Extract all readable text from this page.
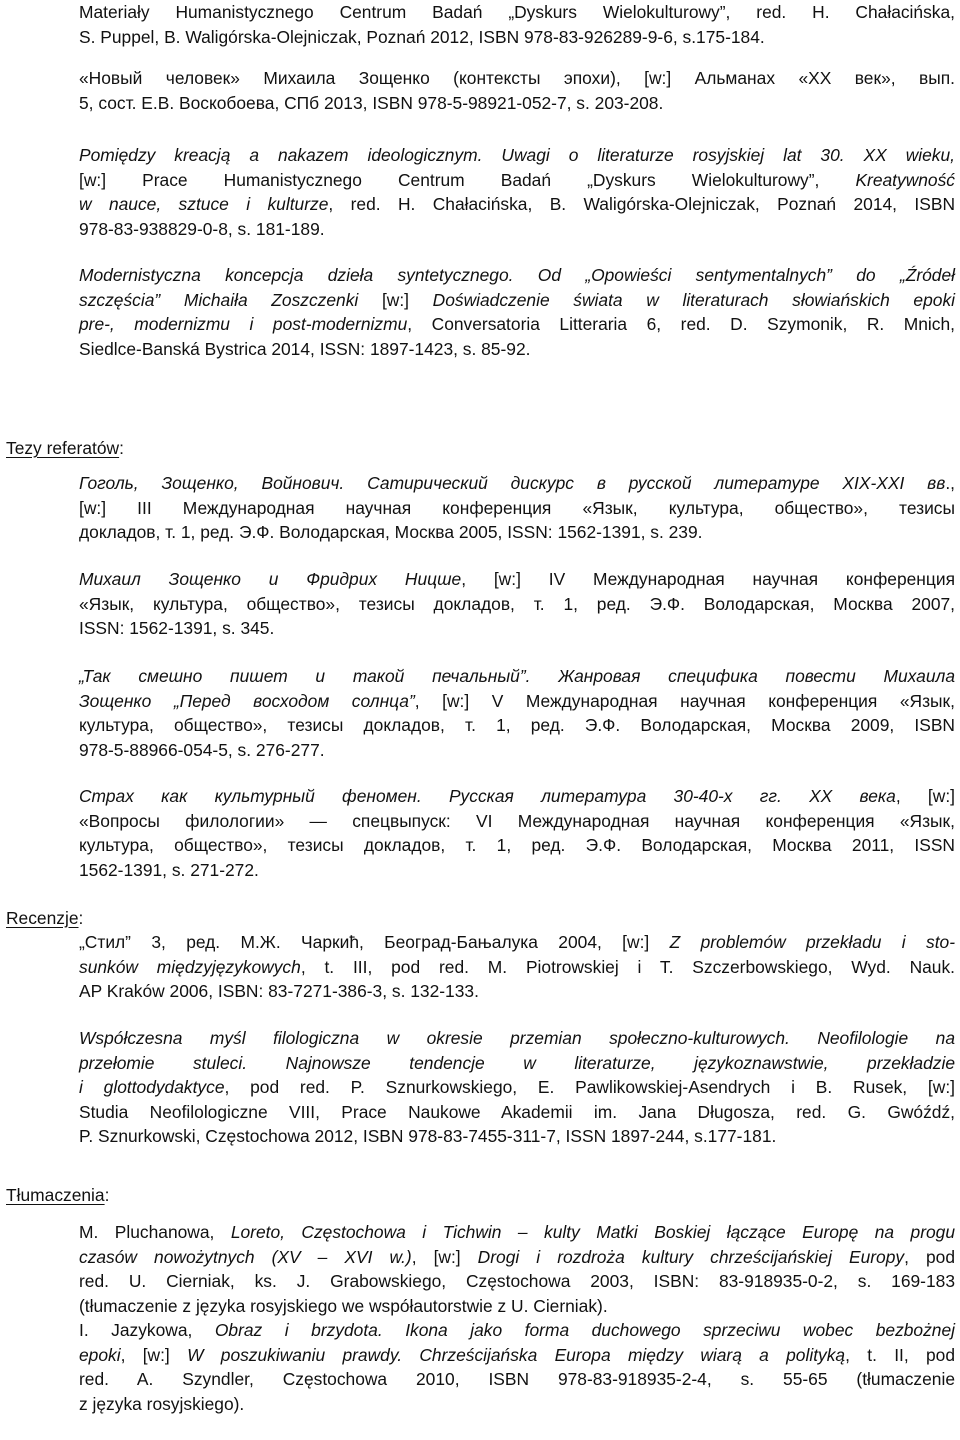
Materiały Humanistycznego Centrum Badań „Dyskurs Wielokulturowy”, red. H. Chałacińska,
S. Puppel, B. Waligórska-Olejniczak, Poznań 2012, ISBN 978-83-926289-9-6, s.175-184.
«Новый человек» Михаила Зощенко (контексты эпохи), [w:] Альманах «XX век», вып.
5, сост. Е.В. Воскобоева, СПб 2013, ISBN 978-5-98921-052-7, s. 203-208.
Pomiędzy kreacją a nakazem ideologicznym. Uwagi o literaturze rosyjskiej lat 30. XX wieku,
[w:] Prace Humanistycznego Centrum Badań „Dyskurs Wielokulturowy”, Kreatywność
w nauce, sztuce i kulturze, red. H. Chałacińska, B. Waligórska-Olejniczak, Poznań 2014, ISBN
978-83-938829-0-8, s. 181-189.
Modernistyczna koncepcja dzieła syntetycznego. Od „Opowieści sentymentalnych” do „Źródeł
szczęścia” Michaiła Zoszczenki [w:] Doświadczenie świata w literaturach słowiańskich epoki
pre-, modernizmu i post-modernizmu, Conversatoria Litteraria 6, red. D. Szymonik, R. Mnich,
Siedlce-Banská Bystrica 2014, ISSN: 1897-1423, s. 85-92.
Tezy referatów:
Гоголь, Зощенко, Войнович. Сатирический дискурс в русской литературе XIX-XXI вв.,
[w:] III Международная научная конференция «Язык, культура, общество», тезисы
докладов, т. 1, ред. Э.Ф. Володарская, Москва 2005, ISSN: 1562-1391, s. 239.
Михаил Зощенко и Фридрих Ницше, [w:] IV Международная научная конференция
«Язык, культура, общество», тезисы докладов, т. 1, ред. Э.Ф. Володарская, Москва 2007,
ISSN: 1562-1391, s. 345.
„Так смешно пишет и такой печальный”. Жанровая специфика повести Михаила
Зощенко „Перед восходом солнца”, [w:] V Международная научная конференция «Язык,
культура, общество», тезисы докладов, т. 1, ред. Э.Ф. Володарская, Москва 2009, ISBN
978-5-88966-054-5, s. 276-277.
Страх как культурный феномен. Русская литература 30-40-х гг. XX века, [w:]
«Вопросы филологии» — спецвыпуск: VI Международная научная конференция «Язык,
культура, общество», тезисы докладов, т. 1, ред. Э.Ф. Володарская, Москва 2011, ISSN
1562-1391, s. 271-272.
Recenzje:
„Стил” 3, ред. М.Ж. Чаркић, Београд-Бањалука 2004, [w:] Z problemów przekładu i sto-
sunków międzyjęzykowych, t. III, pod red. M. Piotrowskiej i T. Szczerbowskiego, Wyd. Nauk.
AP Kraków 2006, ISBN: 83-7271-386-3, s. 132-133.
Współczesna myśl filologiczna w okresie przemian społeczno-kulturowych. Neofilologie na
przełomie stuleci. Najnowsze tendencje w literaturze, językoznawstwie, przekładzie
i glottodydaktyce, pod red. P. Sznurkowskiego, E. Pawlikowskiej-Asendrych i B. Rusek, [w:]
Studia Neofilologiczne VIII, Prace Naukowe Akademii im. Jana Długosza, red. G. Gwóźdź,
P. Sznurkowski, Częstochowa 2012, ISBN 978-83-7455-311-7, ISSN 1897-244, s.177-181.
Tłumaczenia:
M. Pluchanowa, Loreto, Częstochowa i Tichwin – kulty Matki Boskiej łączące Europę na progu
czasów nowożytnych (XV – XVI w.), [w:] Drogi i rozdroża kultury chrześcijańskiej Europy, pod
red. U. Cierniak, ks. J. Grabowskiego, Częstochowa 2003, ISBN: 83-918935-0-2, s. 169-183
(tłumaczenie z języka rosyjskiego we współautorstwie z U. Cierniak).
I. Jazykowa, Obraz i brzydota. Ikona jako forma duchowego sprzeciwu wobec bezbożnej
epoki, [w:] W poszukiwaniu prawdy. Chrześcijańska Europa między wiarą a polityką, t. II, pod
red. A. Szyndler, Częstochowa 2010, ISBN 978-83-918935-2-4, s. 55-65 (tłumaczenie
z języka rosyjskiego).
